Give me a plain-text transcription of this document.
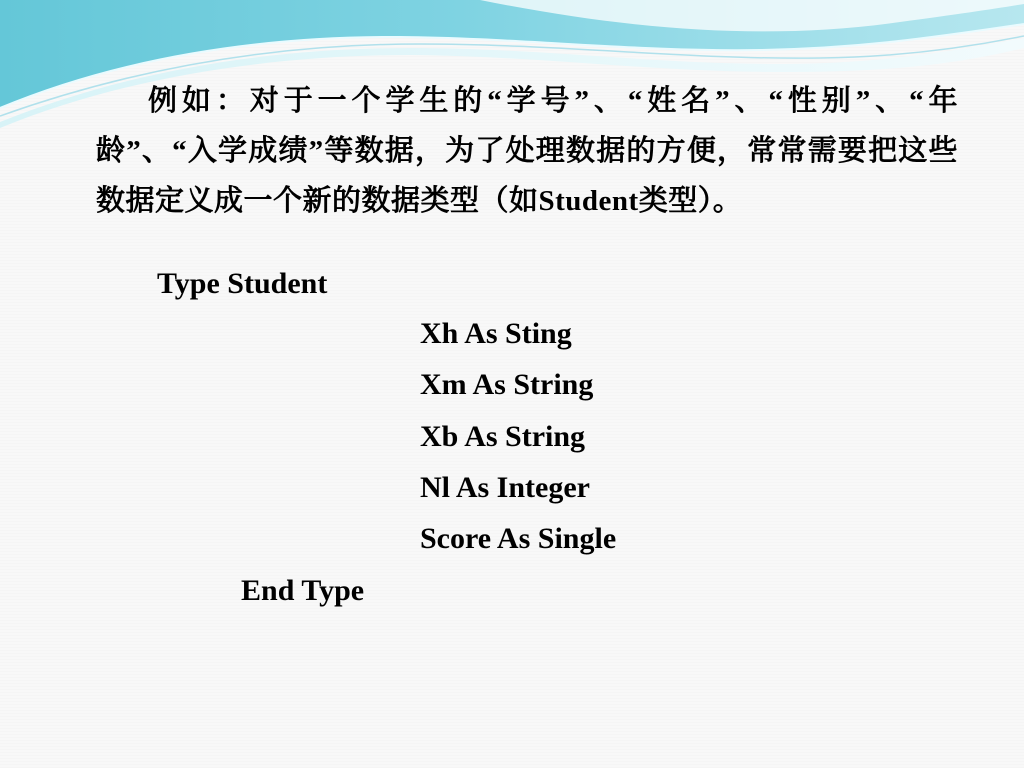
例如：对于一个学生的“学号”、“姓名”、“性别”、“年龄”、“入学成绩”等数据，为了处理数据的方便，常常需要把这些数据定义成一个新的数据类型（如Student类型）。
Type Student
Xh As Sting
Xm As String
Xb As String
Nl As Integer
Score As Single
End Type
